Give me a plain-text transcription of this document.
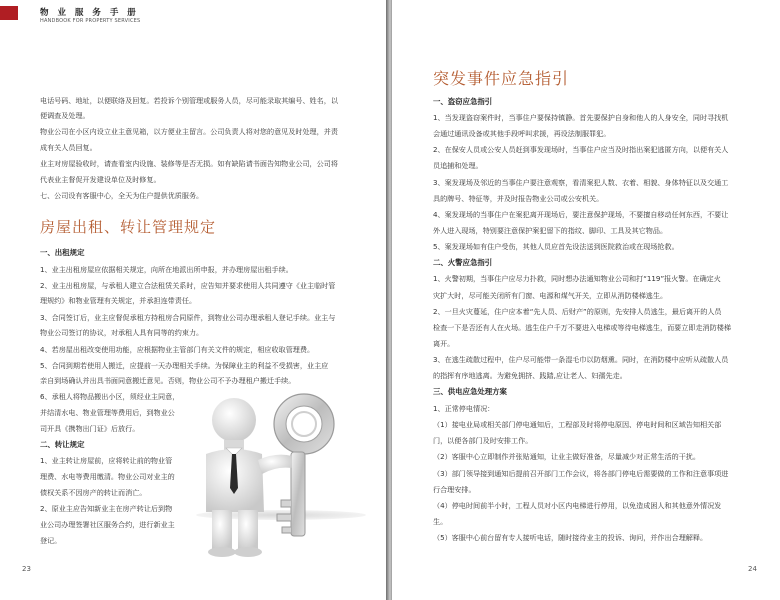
物 业 服 务 手 册
HANDBOOK FOR PROPERTY SERVICES
电话号码、地址，以便联络及回复。若投诉个别管理或服务人员，尽可能录取其编号、姓名，以
便调查及处理。
物业公司在小区内设立业主意见箱，以方便业主留言。公司负责人将对您的意见及时处理，并责
成有关人员回复。
业主对房屋验收时，请查看室内设施、装修等是否无损。如有缺陷请书面告知物业公司，公司将
代表业主督促开发建设单位及时修复。
七、公司设有客服中心，全天为住户提供优质服务。
房屋出租、转让管理规定
一、出租规定
1、业主出租房屋应依据相关规定，向所在地派出所申报，并办理房屋出租手续。
2、业主出租房屋，与承租人建立合法租赁关系时，应告知并要求使用人共同遵守《业主临时管
理规约》和物业管理有关规定，并承担连带责任。
3、合同签订后，业主应督促承租方持租房合同原件，到物业公司办理承租人登记手续。业主与
物业公司签订的协议，对承租人具有同等的约束力。
4、若房屋出租改变使用功能，应根据物业主管部门有关文件的规定，相应收取管理费。
5、合同到期若使用人搬迁，应提前一天办理相关手续。为保障业主的利益不受损害，业主应
亲自到场确认并出具书面同意搬迁意见。否则，物业公司不予办理租户搬迁手续。
6、承租人将物品搬出小区，须经业主同意，
并结清水电、物业管理等费用后，到物业公
司开具《携物出门证》后放行。
二、转让规定
1、业主转让房屋前，应将转让前的物业管
理费、水电等费用缴清。物业公司对业主的
债权关系不因房产的转让而消亡。
2、原业主应告知新业主在房产转让后到物
业公司办理签署社区服务合约，进行新业主
登记。
23
突发事件应急指引
一、盗窃应急指引
1、当发现盗窃案件时，当事住户要保持镇静。首先要保护自身和他人的人身安全，同时寻找机
会通过通讯设备或其他手段呼叫求援，再设法制服罪犯。
2、在保安人员或公安人员赶到事发现场时，当事住户应当及时指出案犯逃匿方向，以便有关人
员追捕和处理。
3、案发现场及邻近的当事住户要注意观察，看清案犯人数、衣着、相貌、身体特征以及交通工
具的牌号、特征等，并及时报告物业公司或公安机关。
4、案发现场的当事住户在案犯离开现场后，要注意保护现场，不要擅自移动任何东西，不要让
外人进入现场，特别要注意保护案犯留下的指纹、脚印、工具及其它物品。
5、案发现场如有住户受伤，其他人员应首先设法送到医院救治或在现场抢救。
二、火警应急指引
1、火警初期，当事住户应尽力扑救，同时想办法通知物业公司和打“119”报火警。在确定火
灾扩大时，尽可能关闭所有门窗、电源和煤气开关，立即从消防楼梯逃生。
2、一旦火灾蔓延，住户应本着“先人员、后财产”的原则，先安排人员逃生，最后离开的人员
检查一下是否还有人在火场。逃生住户千万不要进入电梯或等待电梯逃生，而要立即走消防楼梯
离开。
3、在逃生疏散过程中，住户尽可能带一条湿毛巾以防烟熏。同时，在消防楼中应听从疏散人员
的指挥有序地逃离。为避免拥挤、践踏,应让老人、妇孺先走。
三、供电应急处理方案
1、正常停电情况：
（1）接电业局或相关部门停电通知后，工程部及时将停电原因、停电时间和区域告知相关部
门，以便各部门及时安排工作。
（2）客服中心立即制作并张贴通知，让业主做好准备，尽量减少对正常生活的干扰。
（3）部门领导接到通知后提前召开部门工作会议，将各部门停电后需要做的工作和注意事项进
行合理安排。
（4）停电时间前半小时，工程人员对小区内电梯进行停用，以免造成困人和其他意外情况发
生。
（5）客服中心前台留有专人接听电话，随时接待业主的投诉、询问，并作出合理解释。
24
